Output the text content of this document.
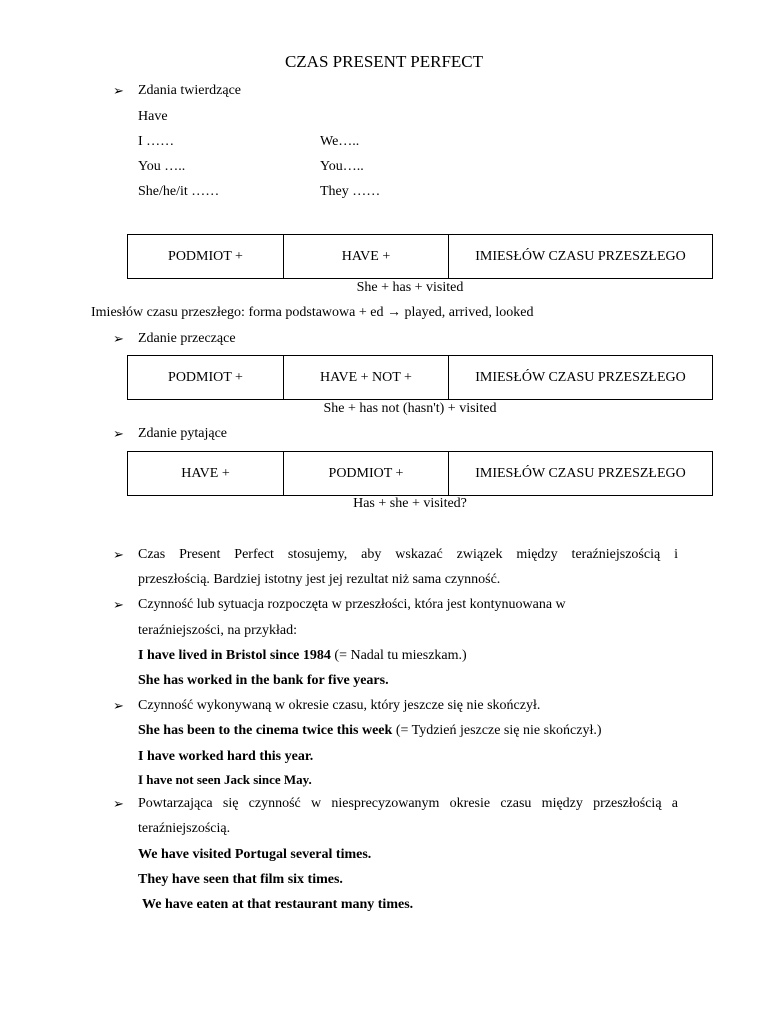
CZAS PRESENT PERFECT
➢ Zdania twierdzące
Have
I ……	We…..
You …..	You…..
She/he/it ……	They ……
PODMIOT +	HAVE +	IMIESŁÓW CZASU PRZESZŁEGO
She + has + visited
Imiesłów czasu przeszłego: forma podstawowa + ed → played, arrived, looked
➢ Zdanie przeczące
PODMIOT +	HAVE + NOT +	IMIESŁÓW CZASU PRZESZŁEGO
She + has not (hasn't) + visited
➢ Zdanie pytające
HAVE +	PODMIOT +	IMIESŁÓW CZASU PRZESZŁEGO
Has + she + visited?
➢ Czas Present Perfect stosujemy, aby wskazać związek między teraźniejszością i
przeszłością. Bardziej istotny jest jej rezultat niż sama czynność.
➢ Czynność lub sytuacja rozpoczęta w przeszłości, która jest kontynuowana w
teraźniejszości, na przykład:
I have lived in Bristol since 1984 (= Nadal tu mieszkam.)
She has worked in the bank for five years.
➢ Czynność wykonywaną w okresie czasu, który jeszcze się nie skończył.
She has been to the cinema twice this week (= Tydzień jeszcze się nie skończył.)
I have worked hard this year.
I have not seen Jack since May.
➢ Powtarzająca się czynność w niesprecyzowanym okresie czasu między przeszłością a
teraźniejszością.
We have visited Portugal several times.
They have seen that film six times.
We have eaten at that restaurant many times.
